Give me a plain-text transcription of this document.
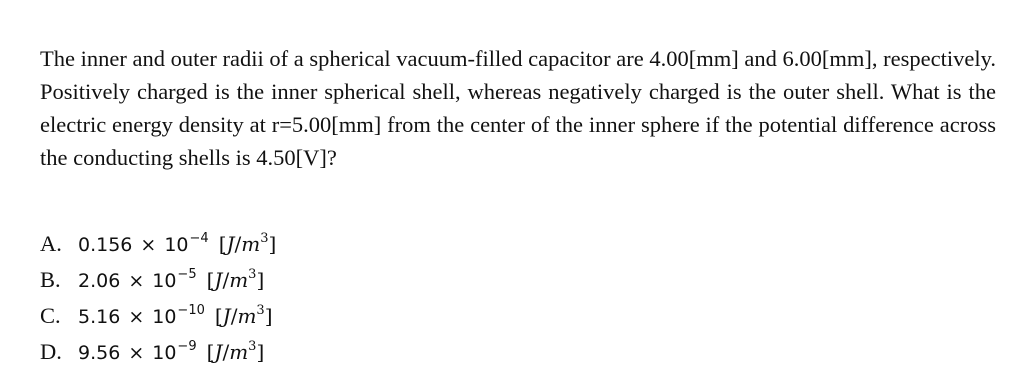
The inner and outer radii of a spherical vacuum-filled capacitor are 4.00[mm] and 6.00[mm], respectively. Positively charged is the inner spherical shell, whereas negatively charged is the outer shell. What is the electric energy density at r=5.00[mm] from the center of the inner sphere if the potential difference across the conducting shells is 4.50[V]?
A. 0.156 × 10 −4 $[J/m^3]$
B. 2.06 × 10 −5 $[J/m^3]$
C. 5.16 × 10 −10 $[J/m^3]$
D. 9.56 × 10 −9 $[J/m^3]$
